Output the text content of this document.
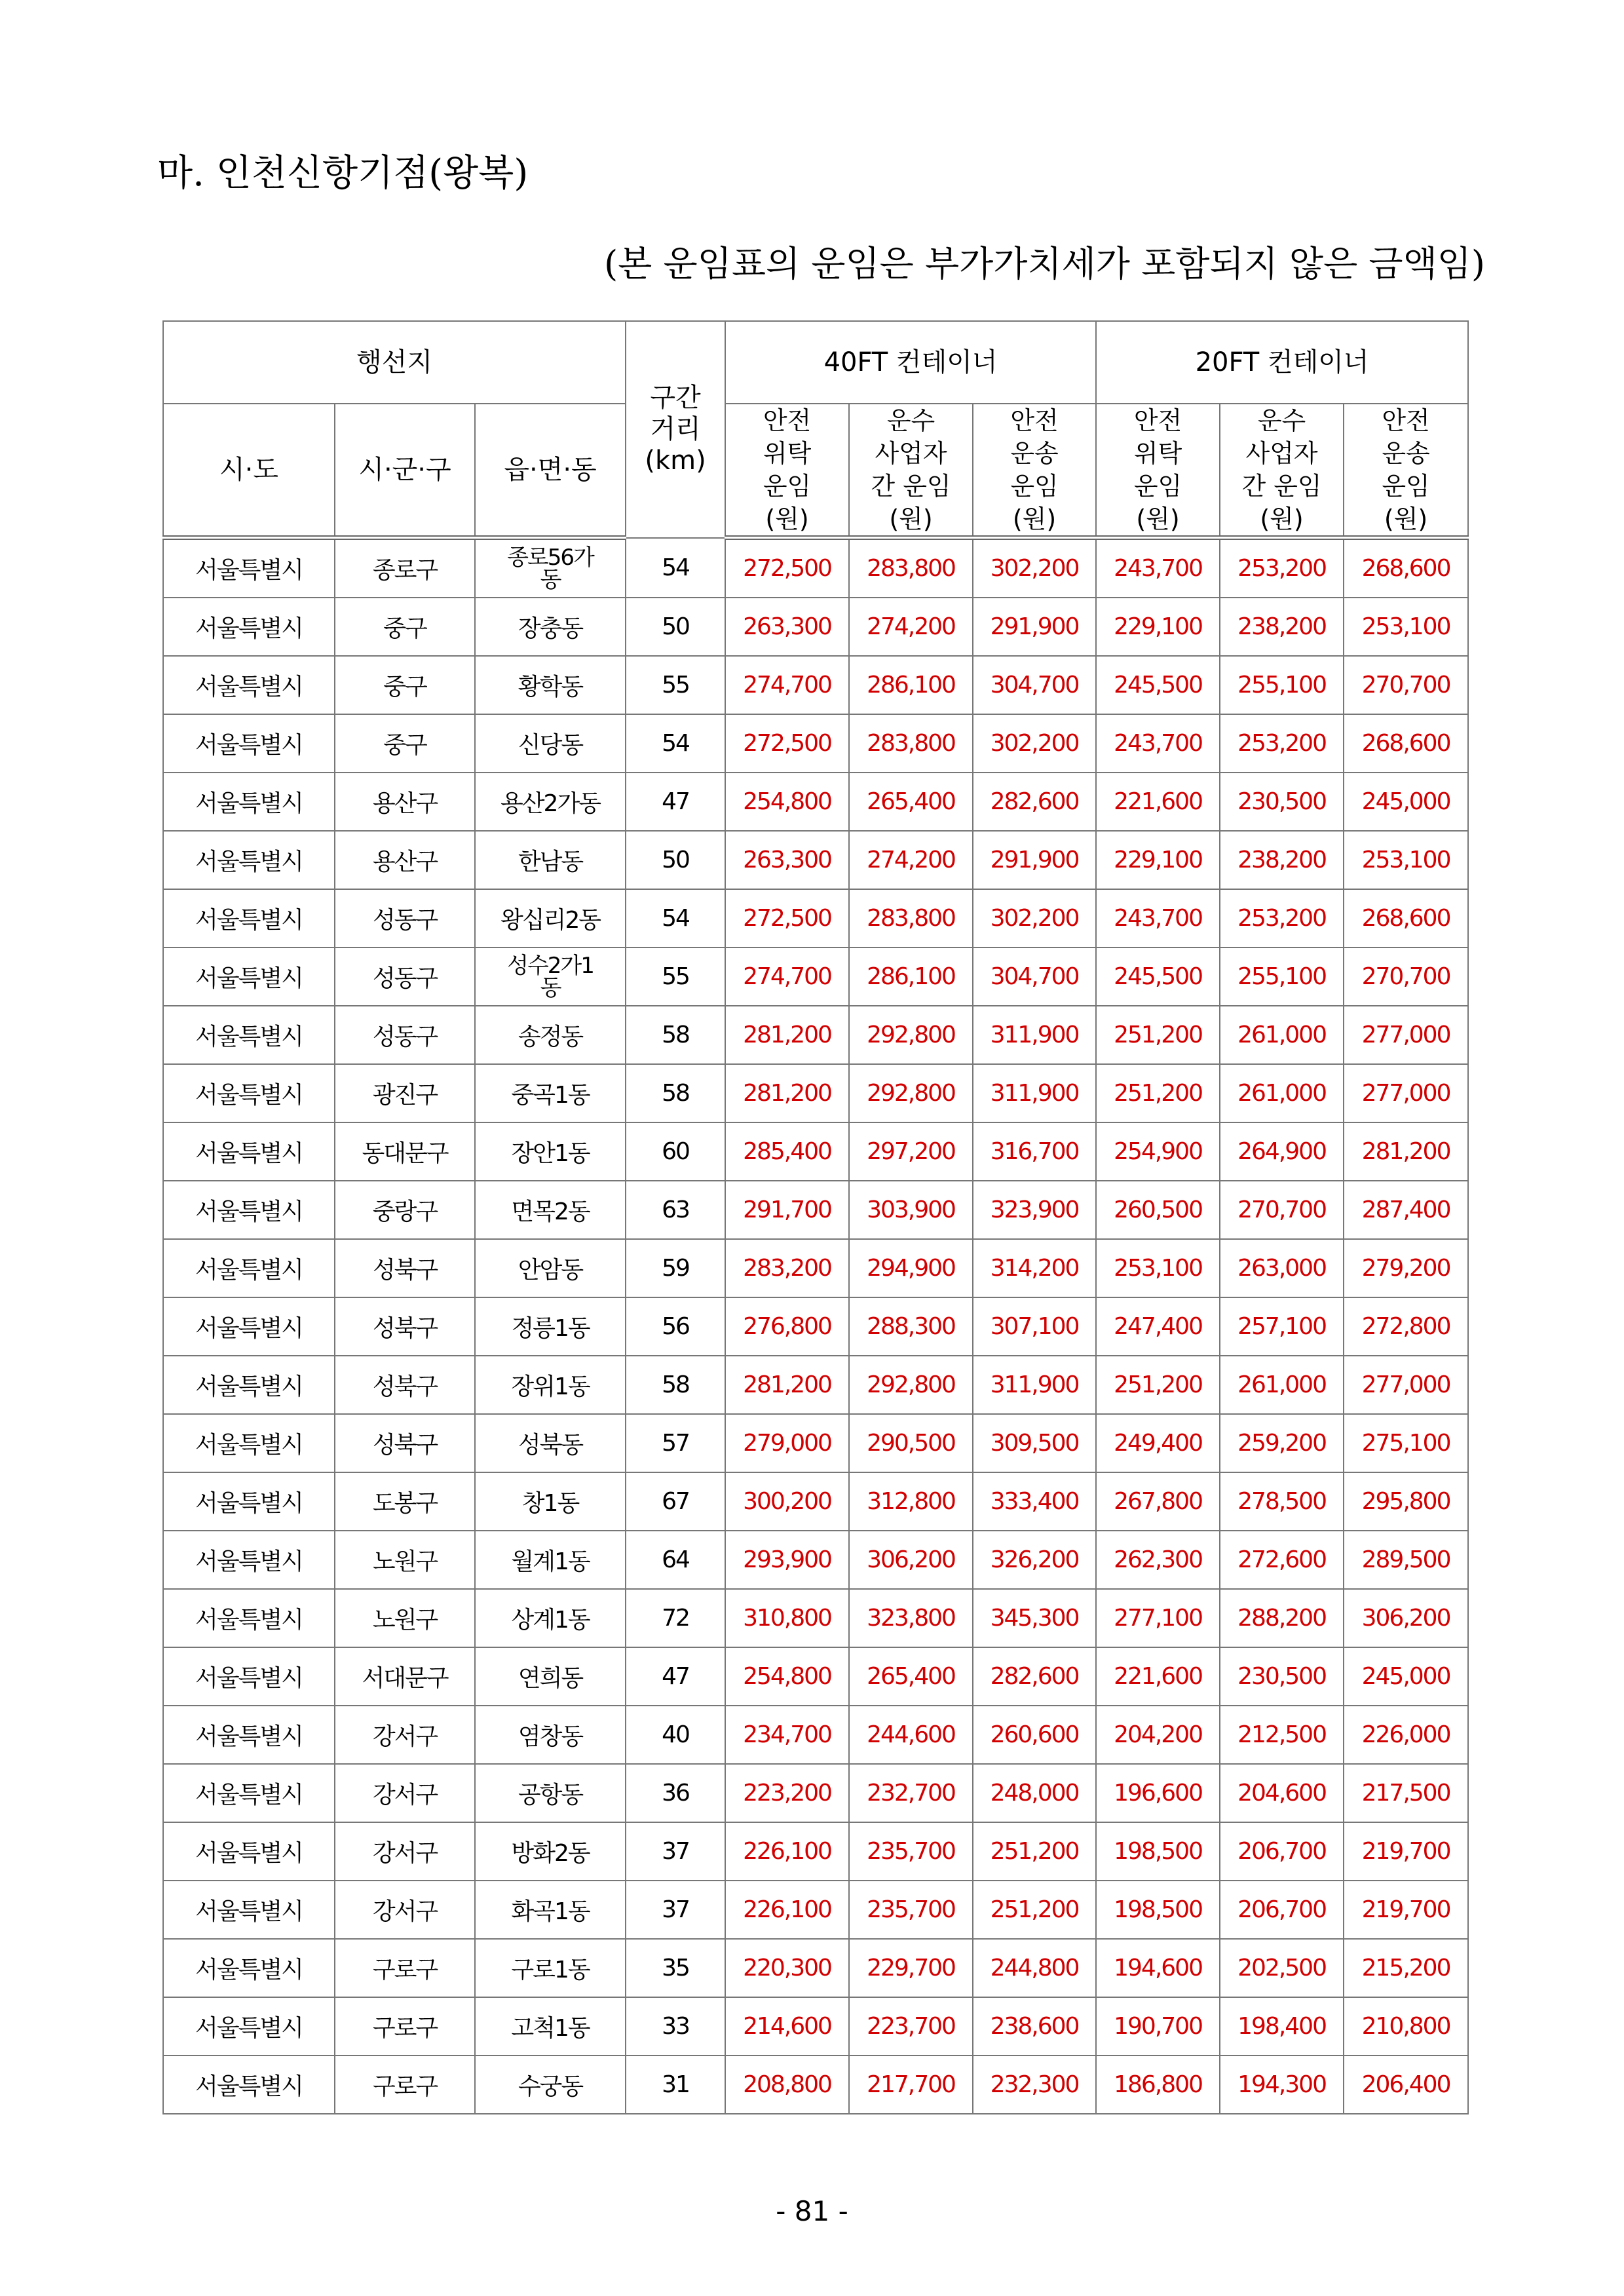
마. 인천신항기점(왕복)

(본 운임표의 운임은 부가가치세가 포함되지 않은 금액임)

행선지			구간
거리
(km)	40FT 컨테이너			20FT 컨테이너		
시·도	시·군·구	읍·면·동		안전
위탁
운임
(원)	운수
사업자
간 운임
(원)	안전
운송
운임
(원)	안전
위탁
운임
(원)	운수
사업자
간 운임
(원)	안전
운송
운임
(원)
서울특별시	종로구	종로56가
동	54	272,500	283,800	302,200	243,700	253,200	268,600
서울특별시	중구	장충동	50	263,300	274,200	291,900	229,100	238,200	253,100
서울특별시	중구	황학동	55	274,700	286,100	304,700	245,500	255,100	270,700
서울특별시	중구	신당동	54	272,500	283,800	302,200	243,700	253,200	268,600
서울특별시	용산구	용산2가동	47	254,800	265,400	282,600	221,600	230,500	245,000
서울특별시	용산구	한남동	50	263,300	274,200	291,900	229,100	238,200	253,100
서울특별시	성동구	왕십리2동	54	272,500	283,800	302,200	243,700	253,200	268,600
서울특별시	성동구	성수2가1
동	55	274,700	286,100	304,700	245,500	255,100	270,700
서울특별시	성동구	송정동	58	281,200	292,800	311,900	251,200	261,000	277,000
서울특별시	광진구	중곡1동	58	281,200	292,800	311,900	251,200	261,000	277,000
서울특별시	동대문구	장안1동	60	285,400	297,200	316,700	254,900	264,900	281,200
서울특별시	중랑구	면목2동	63	291,700	303,900	323,900	260,500	270,700	287,400
서울특별시	성북구	안암동	59	283,200	294,900	314,200	253,100	263,000	279,200
서울특별시	성북구	정릉1동	56	276,800	288,300	307,100	247,400	257,100	272,800
서울특별시	성북구	장위1동	58	281,200	292,800	311,900	251,200	261,000	277,000
서울특별시	성북구	성북동	57	279,000	290,500	309,500	249,400	259,200	275,100
서울특별시	도봉구	창1동	67	300,200	312,800	333,400	267,800	278,500	295,800
서울특별시	노원구	월계1동	64	293,900	306,200	326,200	262,300	272,600	289,500
서울특별시	노원구	상계1동	72	310,800	323,800	345,300	277,100	288,200	306,200
서울특별시	서대문구	연희동	47	254,800	265,400	282,600	221,600	230,500	245,000
서울특별시	강서구	염창동	40	234,700	244,600	260,600	204,200	212,500	226,000
서울특별시	강서구	공항동	36	223,200	232,700	248,000	196,600	204,600	217,500
서울특별시	강서구	방화2동	37	226,100	235,700	251,200	198,500	206,700	219,700
서울특별시	강서구	화곡1동	37	226,100	235,700	251,200	198,500	206,700	219,700
서울특별시	구로구	구로1동	35	220,300	229,700	244,800	194,600	202,500	215,200
서울특별시	구로구	고척1동	33	214,600	223,700	238,600	190,700	198,400	210,800
서울특별시	구로구	수궁동	31	208,800	217,700	232,300	186,800	194,300	206,400

- 81 -
